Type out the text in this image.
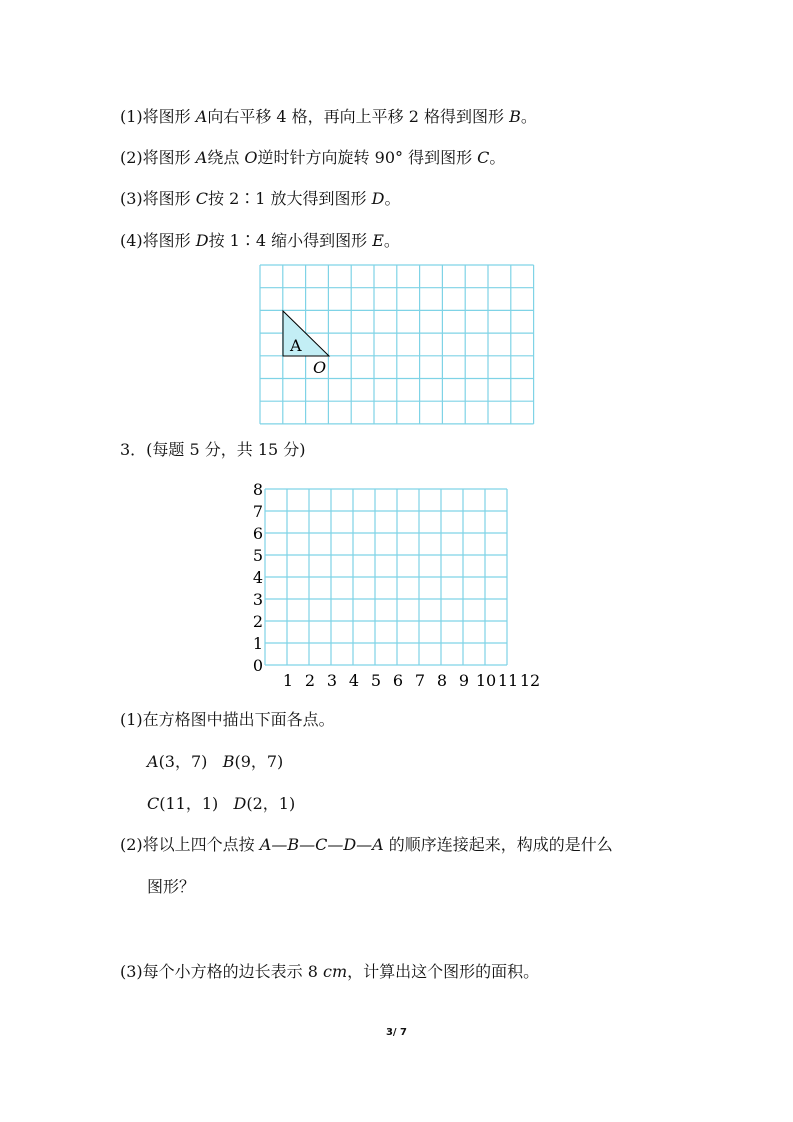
(1)将图形 A向右平移 4 格，再向上平移 2 格得到图形 B。
(2)将图形 A绕点 O逆时针方向旋转 90° 得到图形 C。
(3)将图形 C按 2∶1 放大得到图形 D。
(4)将图形 D按 1∶4 缩小得到图形 E。
A
O
0
1
2
3
4
5
6
7
8
1 2 3 4 5 6 7 8 9 10 11 12
3．(每题 5 分，共 15 分)
(1)在方格图中描出下面各点。
A(3，7) B(9，7)
C(11，1) D(2，1)
(2)将以上四个点按 A—B—C—D—A 的顺序连接起来，构成的是什么
图形？
(3)每个小方格的边长表示 8 cm，计算出这个图形的面积。
3/ 7
